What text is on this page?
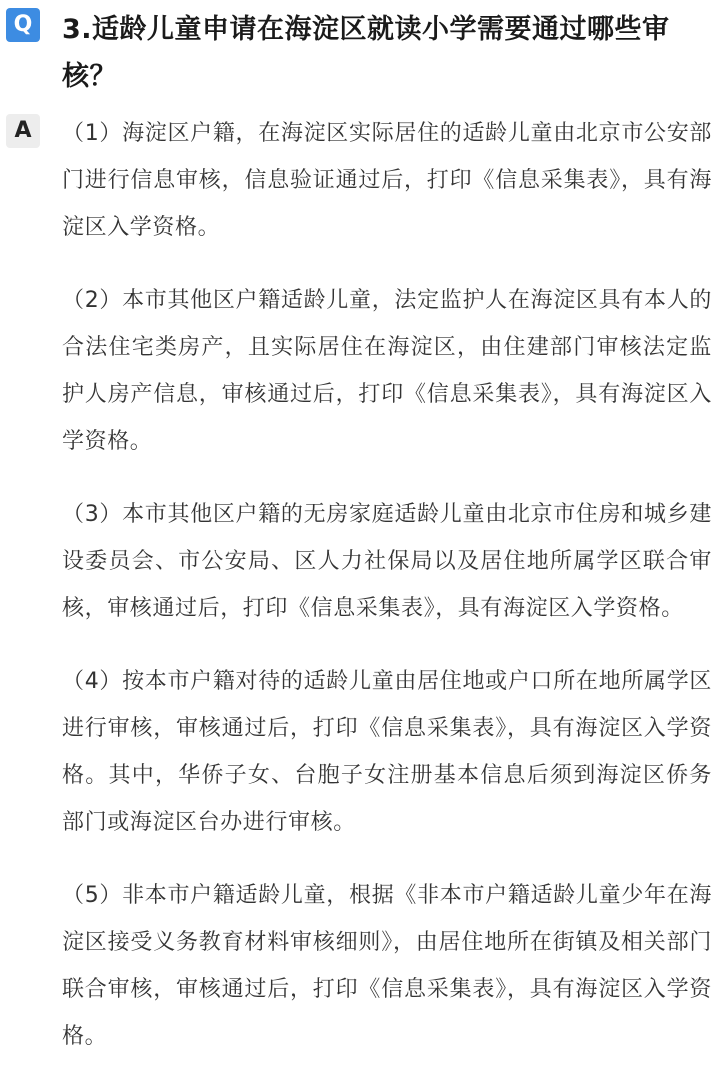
Q 3.适龄儿童申请在海淀区就读小学需要通过哪些审核？
A	（1）海淀区户籍，在海淀区实际居住的适龄儿童由北京市公安部门进行信息审核，信息验证通过后，打印《信息采集表》，具有海淀区入学资格。

（2）本市其他区户籍适龄儿童，法定监护人在海淀区具有本人的合法住宅类房产，且实际居住在海淀区，由住建部门审核法定监护人房产信息，审核通过后，打印《信息采集表》，具有海淀区入学资格。

（3）本市其他区户籍的无房家庭适龄儿童由北京市住房和城乡建设委员会、市公安局、区人力社保局以及居住地所属学区联合审核，审核通过后，打印《信息采集表》，具有海淀区入学资格。

（4）按本市户籍对待的适龄儿童由居住地或户口所在地所属学区进行审核，审核通过后，打印《信息采集表》，具有海淀区入学资格。其中，华侨子女、台胞子女注册基本信息后须到海淀区侨务部门或海淀区台办进行审核。

（5）非本市户籍适龄儿童，根据《非本市户籍适龄儿童少年在海淀区接受义务教育材料审核细则》，由居住地所在街镇及相关部门联合审核，审核通过后，打印《信息采集表》，具有海淀区入学资格。
